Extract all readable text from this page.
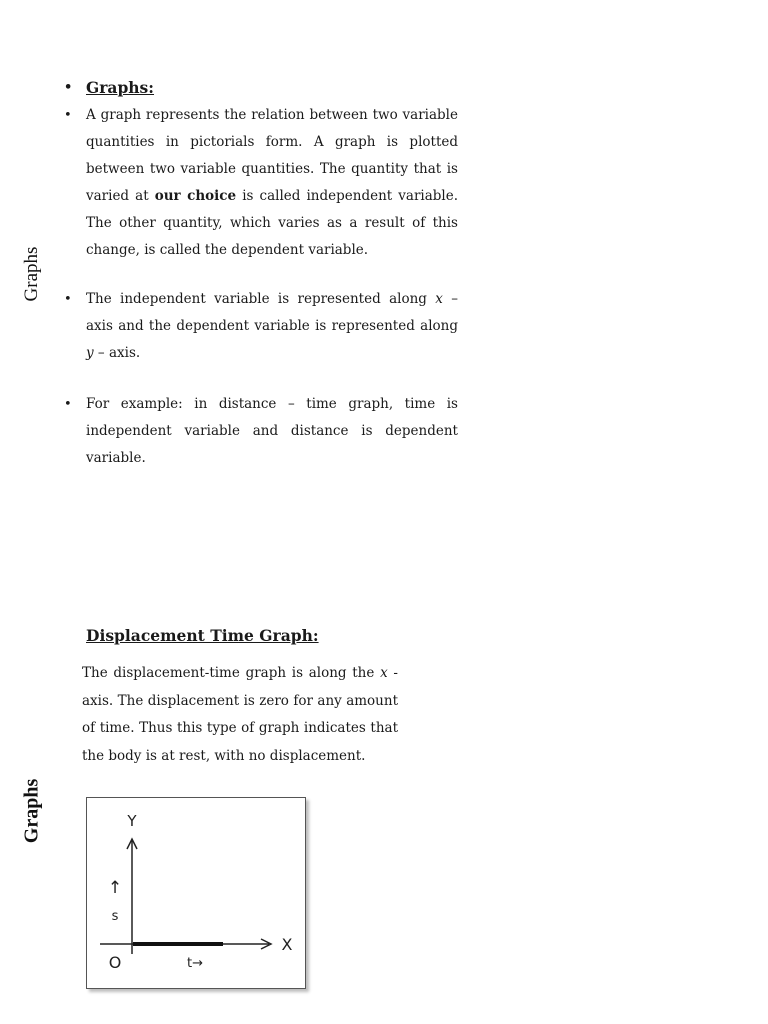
Graphs
Graphs
• Graphs:
• A graph represents the relation between two variable quantities in pictorials form. A graph is plotted between two variable quantities. The quantity that is varied at our choice is called independent variable. The other quantity, which varies as a result of this change, is called the dependent variable.
• The independent variable is represented along x – axis and the dependent variable is represented along y – axis.
• For example: in distance – time graph, time is independent variable and distance is dependent variable.
Displacement Time Graph:

The displacement-time graph is along the x - axis. The displacement is zero for any amount of time. Thus this type of graph indicates that the body is at rest, with no displacement.

Y
X
O
↑
s
t→
